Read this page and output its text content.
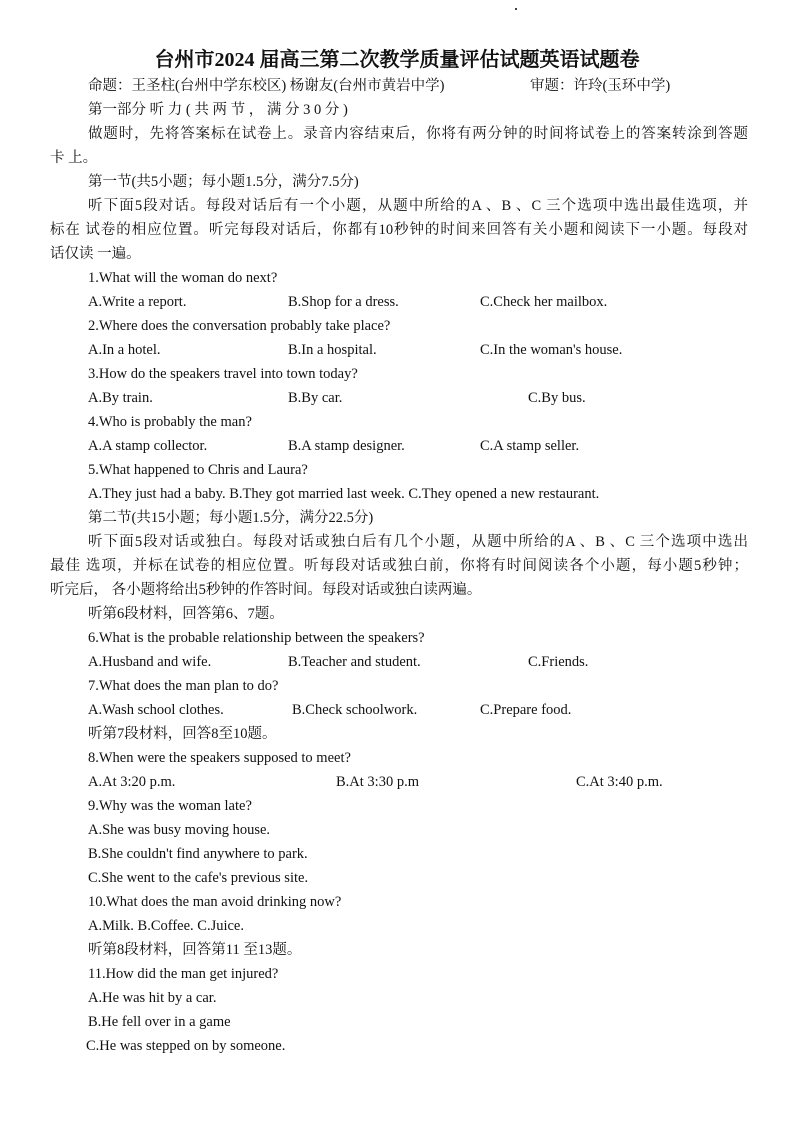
台州市2024 届高三第二次教学质量评估试题英语试题卷
命题：王圣柱(台州中学东校区) 杨谢友(台州市黄岩中学)	审题：许玲(玉环中学)
第一部分 听 力 ( 共 两 节 ， 满 分 3 0 分 )
做题时，先将答案标在试卷上。录音内容结束后，你将有两分钟的时间将试卷上的答案转涂到答题
卡 上。
第一节(共5小题；每小题1.5分，满分7.5分)
听下面5段对话。每段对话后有一个小题，从题中所给的A 、B 、C 三个选项中选出最佳选项，并
标在 试卷的相应位置。听完每段对话后，你都有10秒钟的时间来回答有关小题和阅读下一小题。每段对
话仅读 一遍。
1.What will the woman do next?
A.Write a report.	B.Shop for a dress.	C.Check her mailbox.
2.Where does the conversation probably take place?
A.In a hotel.	B.In a hospital.	C.In the woman's house.
3.How do the speakers travel into town today?
A.By train.	B.By car.	C.By bus.
4.Who is probably the man?
A.A stamp collector.	B.A stamp designer.	C.A stamp seller.
5.What happened to Chris and Laura?
A.They just had a baby. B.They got married last week. C.They opened a new restaurant.
第二节(共15小题；每小题1.5分，满分22.5分)
听下面5段对话或独白。每段对话或独白后有几个小题，从题中所给的A 、B 、C 三个选项中选出
最佳 选项，并标在试卷的相应位置。听每段对话或独白前，你将有时间阅读各个小题，每小题5秒钟；
听完后， 各小题将给出5秒钟的作答时间。每段对话或独白读两遍。
听第6段材料，回答第6、7题。
6.What is the probable relationship between the speakers?
A.Husband and wife.	B.Teacher and student.	C.Friends.
7.What does the man plan to do?
A.Wash school clothes.	B.Check schoolwork.	C.Prepare food.
听第7段材料，回答8至10题。
8.When were the speakers supposed to meet?
A.At 3:20 p.m.	B.At 3:30 p.m	C.At 3:40 p.m.
9.Why was the woman late?
A.She was busy moving house.
B.She couldn't find anywhere to park.
C.She went to the cafe's previous site.
10.What does the man avoid drinking now?
A.Milk. B.Coffee. C.Juice.
听第8段材料，回答第11 至13题。
11.How did the man get injured?
A.He was hit by a car.
B.He fell over in a game
C.He was stepped on by someone.
